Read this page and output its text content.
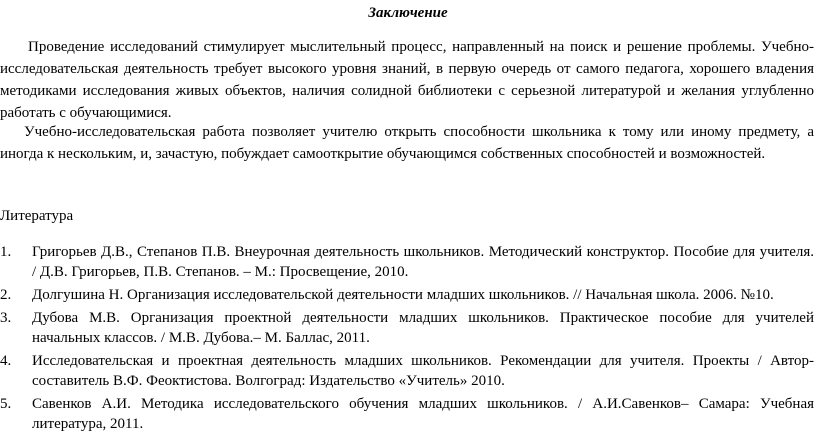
Заключение

Проведение исследований стимулирует мыслительный процесс, направленный на поиск и решение проблемы. Учебно-исследовательская деятельность требует высокого уровня знаний, в первую очередь от самого педагога, хорошего владения методиками исследования живых объектов, наличия солидной библиотеки с серьезной литературой и желания углубленно работать с обучающимися.

Учебно-исследовательская работа позволяет учителю открыть способности школьника к тому или иному предмету, а иногда к нескольким, и, зачастую, побуждает самооткрытие обучающимся собственных способностей и возможностей.

Литература

1. Григорьев Д.В., Степанов П.В. Внеурочная деятельность школьников. Методический конструктор. Пособие для учителя. / Д.В. Григорьев, П.В. Степанов. – М.: Просвещение, 2010.
2. Долгушина Н. Организация исследовательской деятельности младших школьников. // Начальная школа. 2006. №10.
3. Дубова М.В. Организация проектной деятельности младших школьников. Практическое пособие для учителей начальных классов. / М.В. Дубова.– М. Баллас, 2011.
4. Исследовательская и проектная деятельность младших школьников. Рекомендации для учителя. Проекты / Автор-составитель В.Ф. Феоктистова. Волгоград: Издательство «Учитель» 2010.
5. Савенков А.И. Методика исследовательского обучения младших школьников. / А.И.Савенков– Самара: Учебная литература, 2011.
